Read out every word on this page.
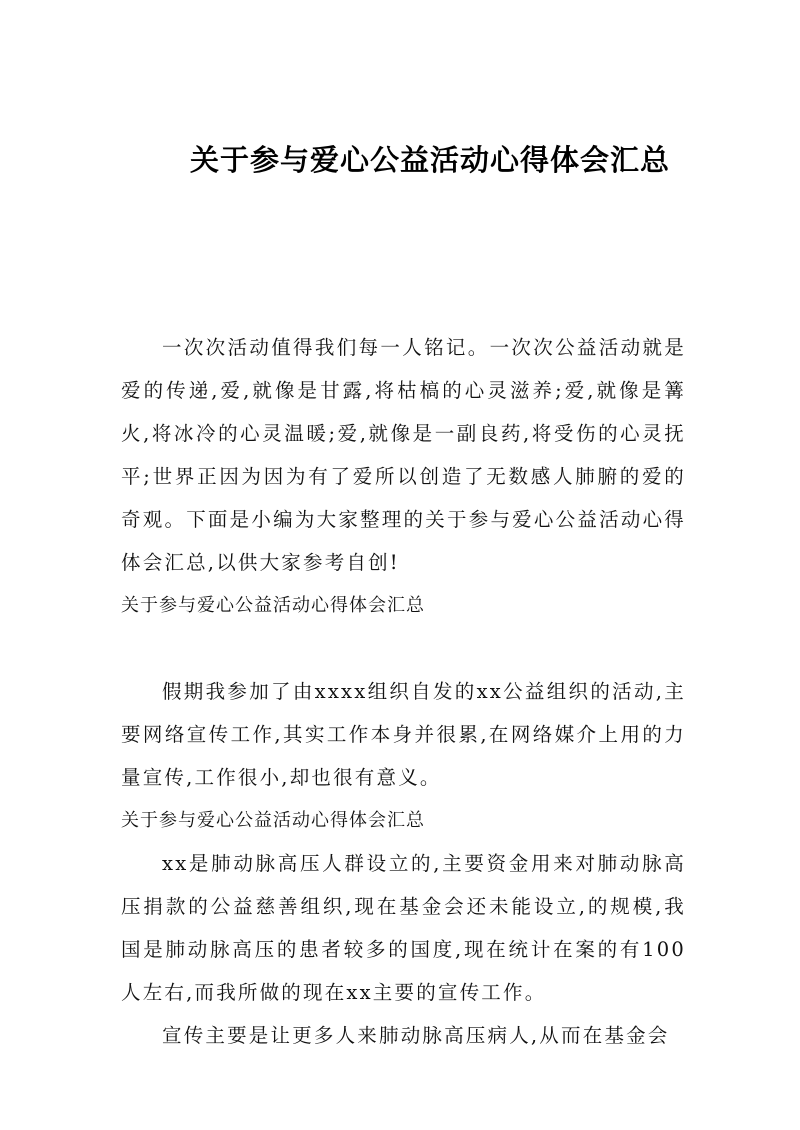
关于参与爱心公益活动心得体会汇总

一次次活动值得我们每一人铭记。一次次公益活动就是爱的传递,爱,就像是甘露,将枯槁的心灵滋养;爱,就像是篝火,将冰冷的心灵温暖;爱,就像是一副良药,将受伤的心灵抚平;世界正因为因为有了爱所以创造了无数感人肺腑的爱的奇观。下面是小编为大家整理的关于参与爱心公益活动心得体会汇总,以供大家参考自创!

关于参与爱心公益活动心得体会汇总

假期我参加了由xxxx组织自发的xx公益组织的活动,主要网络宣传工作,其实工作本身并很累,在网络媒介上用的力量宣传,工作很小,却也很有意义。

关于参与爱心公益活动心得体会汇总

xx是肺动脉高压人群设立的,主要资金用来对肺动脉高压捐款的公益慈善组织,现在基金会还未能设立,的规模,我国是肺动脉高压的患者较多的国度,现在统计在案的有100人左右,而我所做的现在xx主要的宣传工作。

宣传主要是让更多人来肺动脉高压病人,从而在基金会
